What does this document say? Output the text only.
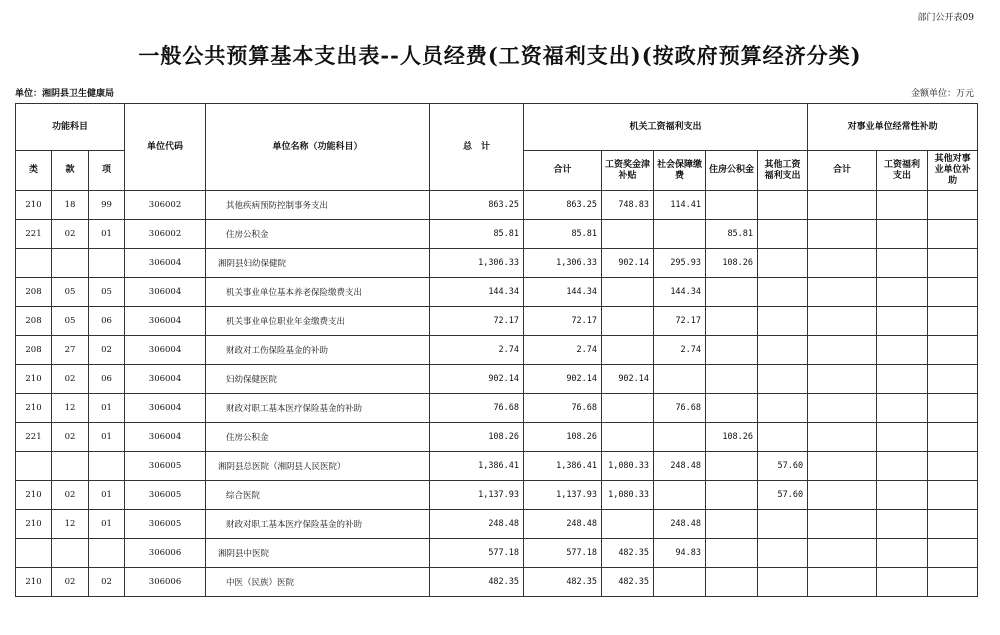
部门公开表09
一般公共预算基本支出表--人员经费(工资福利支出)(按政府预算经济分类)
单位：湘阴县卫生健康局	金额单位：万元
功能科目			单位代码	单位名称（功能科目）	总　计	机关工资福利支出					对事业单位经常性补助		
类	款	项				合计	工资奖金津补贴	社会保障缴费	住房公积金	其他工资福利支出	合计	工资福利支出	其他对事业单位补助
210	18	99	306002	其他疾病预防控制事务支出	863.25	863.25	748.83	114.41					
221	02	01	306002	住房公积金	85.81	85.81			85.81				
			306004	湘阴县妇幼保健院	1,306.33	1,306.33	902.14	295.93	108.26				
208	05	05	306004	机关事业单位基本养老保险缴费支出	144.34	144.34		144.34					
208	05	06	306004	机关事业单位职业年金缴费支出	72.17	72.17		72.17					
208	27	02	306004	财政对工伤保险基金的补助	2.74	2.74		2.74					
210	02	06	306004	妇幼保健医院	902.14	902.14	902.14						
210	12	01	306004	财政对职工基本医疗保险基金的补助	76.68	76.68		76.68					
221	02	01	306004	住房公积金	108.26	108.26			108.26				
			306005	湘阴县总医院（湘阴县人民医院）	1,386.41	1,386.41	1,080.33	248.48		57.60			
210	02	01	306005	综合医院	1,137.93	1,137.93	1,080.33			57.60			
210	12	01	306005	财政对职工基本医疗保险基金的补助	248.48	248.48		248.48					
			306006	湘阴县中医院	577.18	577.18	482.35	94.83					
210	02	02	306006	中医（民族）医院	482.35	482.35	482.35						
